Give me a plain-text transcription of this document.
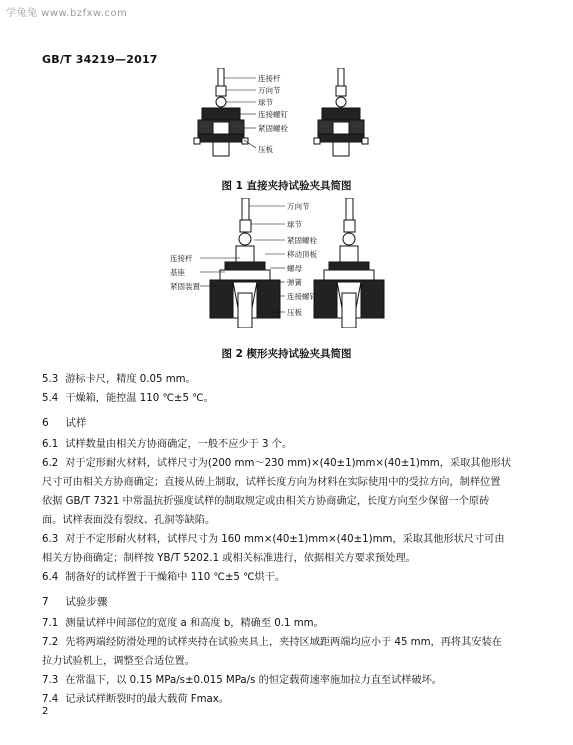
学兔兔 www.bzfxw.com
GB/T 34219—2017
连接杆
万向节
球节
连接螺钉
紧固螺栓
压板
图 1 直接夹持试验夹具简图
万向节
球节
紧固螺栓
连接杆	移动顶板
基座	螺母
紧固装置	弹簧
连接螺钉
压板
图 2 楔形夹持试验夹具简图
5.3 游标卡尺，精度 0.05 mm。
5.4 干燥箱，能控温 110 ℃±5 ℃。
6 试样
6.1 试样数量由相关方协商确定，一般不应少于 3 个。
6.2 对于定形耐火材料，试样尺寸为(200 mm～230 mm)×(40±1)mm×(40±1)mm，采取其他形状
尺寸可由相关方协商确定；直接从砖上制取，试样长度方向为材料在实际使用中的受拉方向，制样位置
依据 GB/T 7321 中常温抗折强度试样的制取规定或由相关方协商确定，长度方向至少保留一个原砖
面。试样表面没有裂纹、孔洞等缺陷。
6.3 对于不定形耐火材料，试样尺寸为 160 mm×(40±1)mm×(40±1)mm，采取其他形状尺寸可由
相关方协商确定；制样按 YB/T 5202.1 或相关标准进行，依据相关方要求预处理。
6.4 制备好的试样置于干燥箱中 110 ℃±5 ℃烘干。
7 试验步骤
7.1 测量试样中间部位的宽度 a 和高度 b，精确至 0.1 mm。
7.2 先将两端经防滑处理的试样夹持在试验夹具上，夹持区域距两端均应小于 45 mm，再将其安装在
拉力试验机上，调整至合适位置。
7.3 在常温下，以 0.15 MPa/s±0.015 MPa/s 的恒定载荷速率施加拉力直至试样破坏。
7.4 记录试样断裂时的最大载荷 Fmax。
2
